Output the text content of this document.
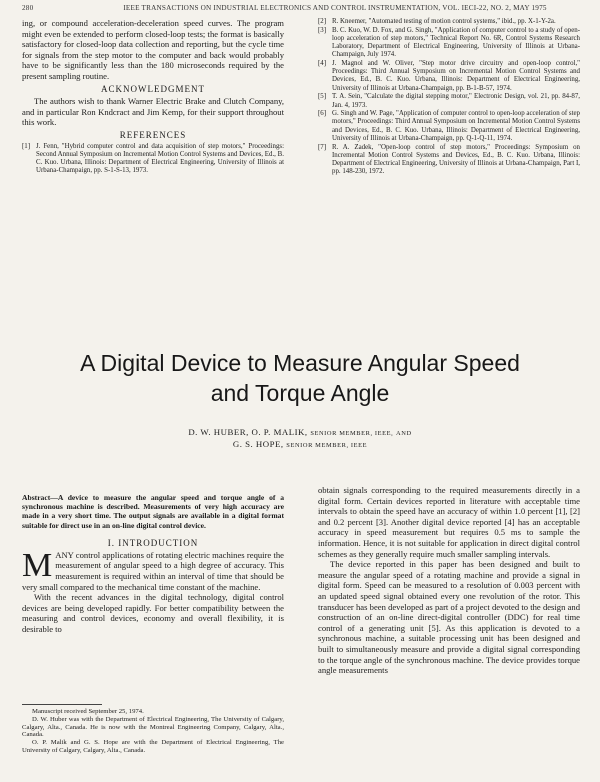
280	IEEE TRANSACTIONS ON INDUSTRIAL ELECTRONICS AND CONTROL INSTRUMENTATION, VOL. IECI-22, NO. 2, MAY 1975

ing, or compound acceleration-deceleration speed curves. The program might even be extended to perform closed-loop tests; the format is basically satisfactory for closed-loop data collection and reporting, but the cycle time for signals from the step motor to the computer and back would probably have to be significantly less than the 180 microseconds required by the present sampling routine.

ACKNOWLEDGMENT

The authors wish to thank Warner Electric Brake and Clutch Company, and in particular Ron Kndcract and Jim Kemp, for their support throughout this work.

REFERENCES
[1] J. Fenn, "Hybrid computer control and data acquisition of step motors," Proceedings: Second Annual Symposium on Incremental Motion Control Systems and Devices, Ed., B. C. Kuo. Urbana, Illinois: Department of Electrical Engineering, University of Illinois at Urbana-Champaign, pp. S-1-S-13, 1973.
[2] R. Kneemer, "Automated testing of motion control systems," ibid., pp. X-1-Y-2a.
[3] B. C. Kuo, W. D. Fox, and G. Singh, "Application of computer control to a study of open-loop acceleration of step motors," Technical Report No. 6R, Control Systems Research Laboratory, Department of Electrical Engineering, University of Illinois at Urbana-Champaign, July 1974.
[4] J. Magnol and W. Oliver, "Step motor drive circuitry and open-loop control," Proceedings: Third Annual Symposium on Incremental Motion Control Systems and Devices, Ed., B. C. Kuo. Urbana, Illinois: Department of Electrical Engineering, University of Illinois at Urbana-Champaign, pp. B-1-B-57, 1974.
[5] T. A. Sein, "Calculate the digital stepping motor," Electronic Design, vol. 21, pp. 84-87, Jan. 4, 1973.
[6] G. Singh and W. Page, "Application of computer control to open-loop acceleration of step motors," Proceedings: Third Annual Symposium on Incremental Motion Control Systems and Devices, Ed., B. C. Kuo. Urbana, Illinois: Department of Electrical Engineering, University of Illinois at Urbana-Champaign, pp. Q-1-Q-11, 1974.
[7] R. A. Zadek, "Open-loop control of step motors," Proceedings: Symposium on Incremental Motion Control Systems and Devices, Ed., B. C. Kuo. Urbana, Illinois: Department of Electrical Engineering, University of Illinois at Urbana-Champaign, Part I, pp. 148-230, 1972.
A Digital Device to Measure Angular Speed
and Torque Angle
D. W. HUBER, O. P. MALIK, SENIOR MEMBER, IEEE, AND
G. S. HOPE, SENIOR MEMBER, IEEE

Abstract—A device to measure the angular speed and torque angle of a synchronous machine is described. Measurements of very high accuracy are made in a very short time. The output signals are available in a digital format suitable for direct use in an on-line digital control device.

I. INTRODUCTION

MANY control applications of rotating electric machines require the measurement of angular speed to a high degree of accuracy. This measurement is required within an interval of time that should be very small compared to the mechanical time constant of the machine.

With the recent advances in the digital technology, digital control devices are being developed rapidly. For better compatibility between the measuring and control devices, economy and overall flexibility, it is desirable to

Manuscript received September 25, 1974.

D. W. Huber was with the Department of Electrical Engineering, The University of Calgary, Calgary, Alta., Canada. He is now with the Montreal Engineering Company, Calgary, Alta., Canada.

O. P. Malik and G. S. Hope are with the Department of Electrical Engineering, The University of Calgary, Calgary, Alta., Canada.

obtain signals corresponding to the required measurements directly in a digital form. Certain devices reported in literature with acceptable time intervals to obtain the speed have an accuracy of within 1.0 percent [1], [2] and 0.2 percent [3]. Another digital device reported [4] has an acceptable accuracy in speed measurement but requires 0.5 ms to sample the information. Hence, it is not suitable for application in direct digital control schemes as they generally require much smaller sampling intervals.

The device reported in this paper has been designed and built to measure the angular speed of a rotating machine and provide a signal in digital form. Speed can be measured to a resolution of 0.003 percent with an updated speed signal obtained every one revolution of the rotor. This transducer has been developed as part of a project devoted to the design and construction of an on-line direct-digital controller (DDC) for real time control of a generating unit [5]. As this application is devoted to a synchronous machine, a suitable processing unit has been designed and built to simultaneously measure and provide a digital signal corresponding to the torque angle of the synchronous machine. The device provides torque angle measurements
